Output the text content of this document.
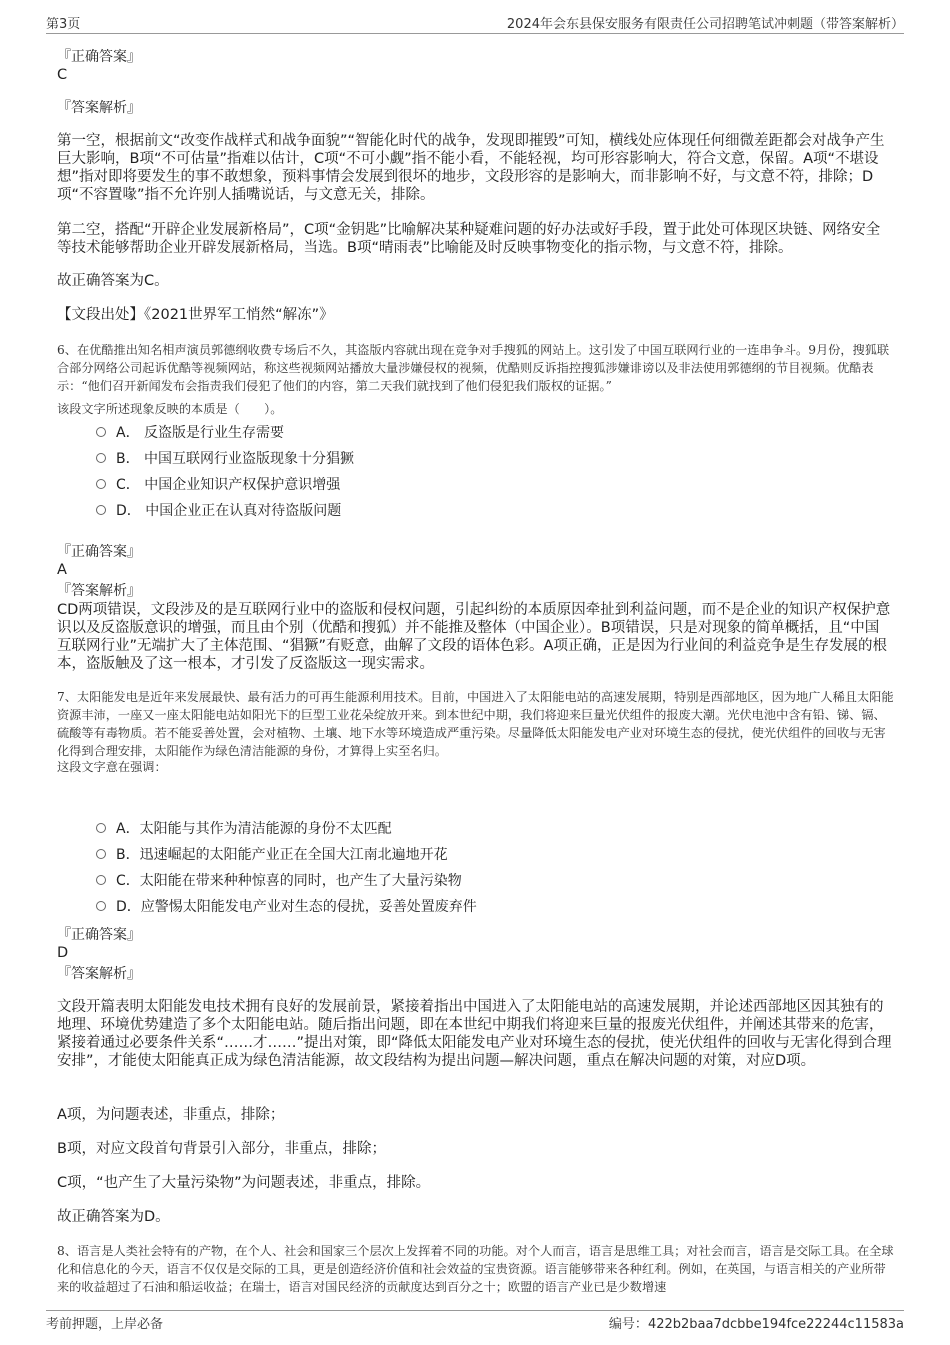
第3页	2024年会东县保安服务有限责任公司招聘笔试冲刺题（带答案解析）

『正确答案』

C

『答案解析』

第一空，根据前文“改变作战样式和战争面貌”“智能化时代的战争，发现即摧毁”可知，横线处应体现任何细微差距都会对战争产生巨大影响，B项“不可估量”指难以估计，C项“不可小觑”指不能小看，不能轻视，均可形容影响大，符合文意，保留。A项“不堪设想”指对即将要发生的事不敢想象，预料事情会发展到很坏的地步，文段形容的是影响大，而非影响不好，与文意不符，排除；D项“不容置喙”指不允许别人插嘴说话，与文意无关，排除。

第二空，搭配“开辟企业发展新格局”，C项“金钥匙”比喻解决某种疑难问题的好办法或好手段，置于此处可体现区块链、网络安全等技术能够帮助企业开辟发展新格局，当选。B项“晴雨表”比喻能及时反映事物变化的指示物，与文意不符，排除。

故正确答案为C。

【文段出处】《2021世界军工悄然“解冻”》

6、在优酷推出知名相声演员郭德纲收费专场后不久，其盗版内容就出现在竞争对手搜狐的网站上。这引发了中国互联网行业的一连串争斗。9月份，搜狐联合部分网络公司起诉优酷等视频网站，称这些视频网站播放大量涉嫌侵权的视频，优酷则反诉指控搜狐涉嫌诽谤以及非法使用郭德纲的节目视频。优酷表示：“他们召开新闻发布会指责我们侵犯了他们的内容，第二天我们就找到了他们侵犯我们版权的证据。”

该段文字所述现象反映的本质是（　　）。

A． 反盗版是行业生存需要
B． 中国互联网行业盗版现象十分猖獗
C． 中国企业知识产权保护意识增强
D． 中国企业正在认真对待盗版问题

『正确答案』

A

『答案解析』

CD两项错误，文段涉及的是互联网行业中的盗版和侵权问题，引起纠纷的本质原因牵扯到利益问题，而不是企业的知识产权保护意识以及反盗版意识的增强，而且由个别（优酷和搜狐）并不能推及整体（中国企业）。B项错误，只是对现象的简单概括，且“中国互联网行业”无端扩大了主体范围、“猖獗”有贬意，曲解了文段的语体色彩。A项正确，正是因为行业间的利益竞争是生存发展的根本，盗版触及了这一根本，才引发了反盗版这一现实需求。

7、太阳能发电是近年来发展最快、最有活力的可再生能源利用技术。目前，中国进入了太阳能电站的高速发展期，特别是西部地区，因为地广人稀且太阳能资源丰沛，一座又一座太阳能电站如阳光下的巨型工业花朵绽放开来。到本世纪中期，我们将迎来巨量光伏组件的报废大潮。光伏电池中含有铅、锑、镉、硫酸等有毒物质。若不能妥善处置，会对植物、土壤、地下水等环境造成严重污染。尽量降低太阳能发电产业对环境生态的侵扰，使光伏组件的回收与无害化得到合理安排，太阳能作为绿色清洁能源的身份，才算得上实至名归。

这段文字意在强调：

A．太阳能与其作为清洁能源的身份不太匹配
B．迅速崛起的太阳能产业正在全国大江南北遍地开花
C．太阳能在带来种种惊喜的同时，也产生了大量污染物
D．应警惕太阳能发电产业对生态的侵扰，妥善处置废弃件

『正确答案』

D

『答案解析』

文段开篇表明太阳能发电技术拥有良好的发展前景，紧接着指出中国进入了太阳能电站的高速发展期，并论述西部地区因其独有的地理、环境优势建造了多个太阳能电站。随后指出问题，即在本世纪中期我们将迎来巨量的报废光伏组件，并阐述其带来的危害，紧接着通过必要条件关系“……才……”提出对策，即“降低太阳能发电产业对环境生态的侵扰，使光伏组件的回收与无害化得到合理安排”，才能使太阳能真正成为绿色清洁能源，故文段结构为提出问题—解决问题，重点在解决问题的对策，对应D项。

A项，为问题表述，非重点，排除；

B项，对应文段首句背景引入部分，非重点，排除；

C项，“也产生了大量污染物”为问题表述，非重点，排除。

故正确答案为D。

8、语言是人类社会特有的产物，在个人、社会和国家三个层次上发挥着不同的功能。对个人而言，语言是思维工具；对社会而言，语言是交际工具。在全球化和信息化的今天，语言不仅仅是交际的工具，更是创造经济价值和社会效益的宝贵资源。语言能够带来各种红利。例如，在英国，与语言相关的产业所带来的收益超过了石油和船运收益；在瑞士，语言对国民经济的贡献度达到百分之十；欧盟的语言产业已是少数增速

考前押题，上岸必备	编号：422b2baa7dcbbe194fce22244c11583a
